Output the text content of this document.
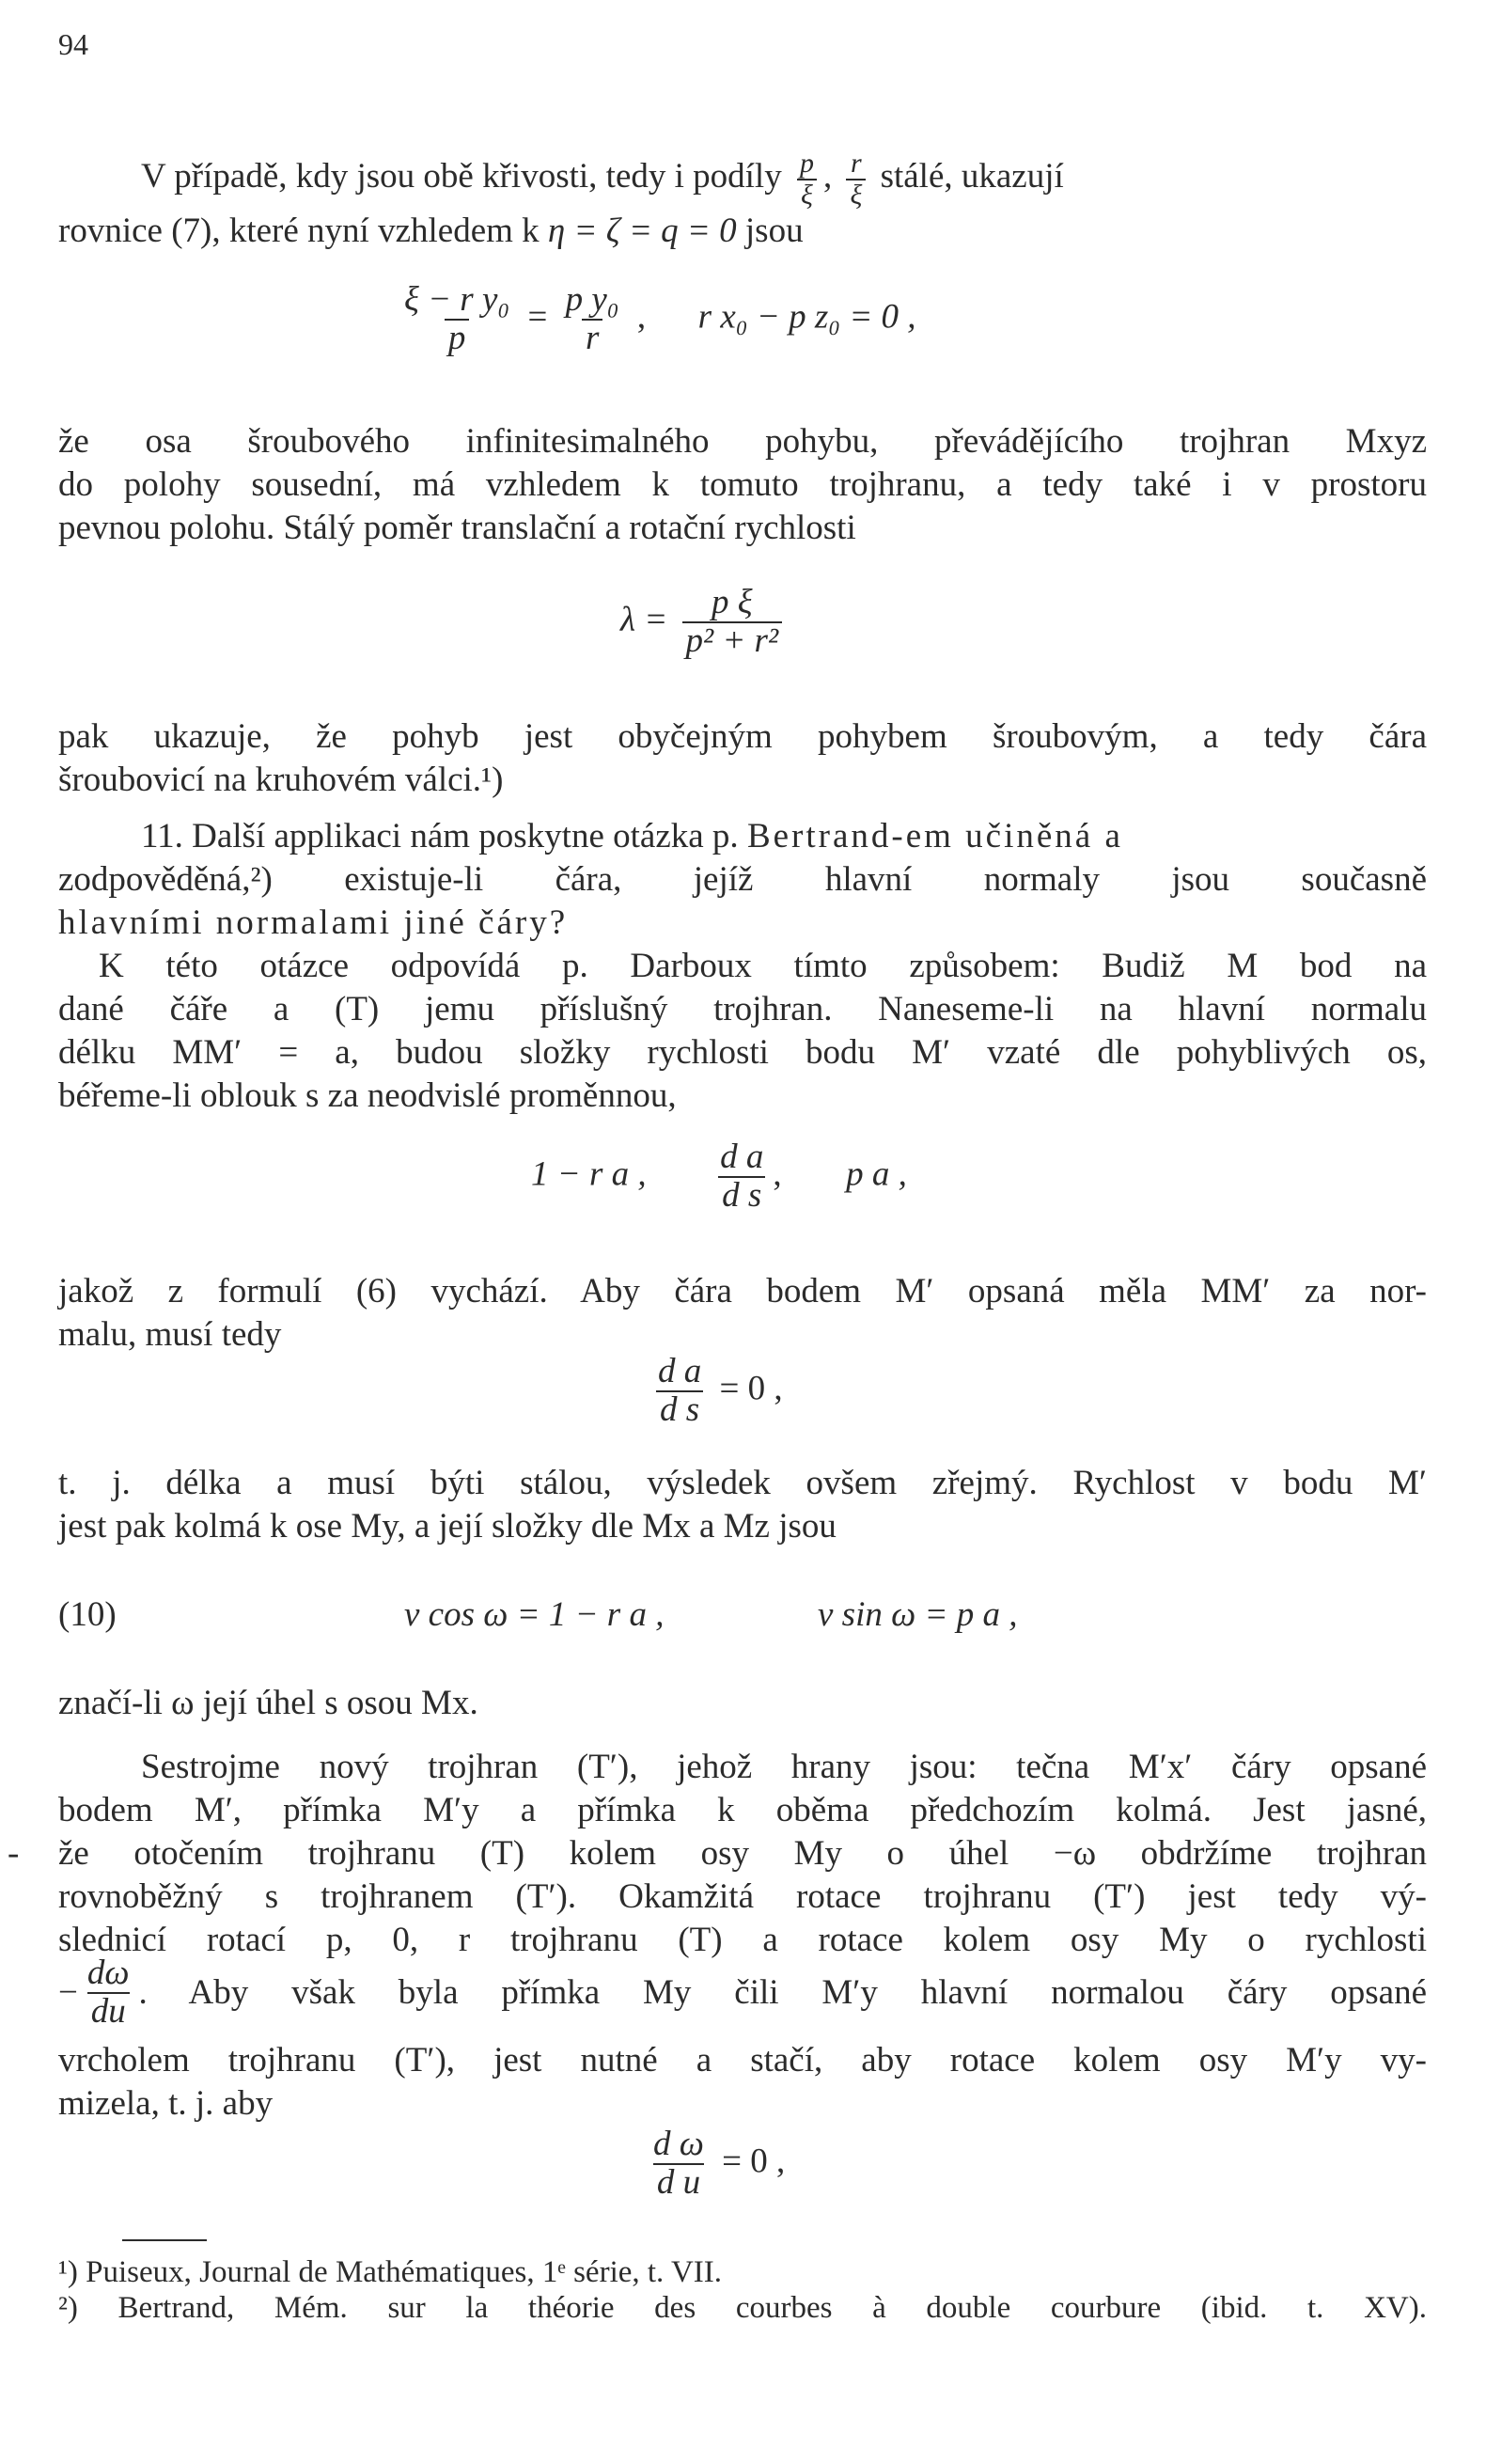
94
V případě, kdy jsou obě křivosti, tedy i podíly $\frac{p}{\xi}$ , $\frac{r}{\xi}$ stálé, ukazují
rovnice (7), které nyní vzhledem k η = ζ = q = 0 jsou
$\frac{\text{ξ − r y₀}}{p} = \frac{\text{p y₀}}{r}$ ,      r x₀ − p z₀ = 0 ,
že osa šroubového infinitesimalného pohybu, převádějícího trojhran Mxyz
do polohy sousední, má vzhledem k tomuto trojhranu, a tedy také i v prostoru
pevnou polohu. Stálý poměr translační a rotační rychlosti
$\lambda = \frac{\text{p ξ}}{\text{p² + r²}}$
pak ukazuje, že pohyb jest obyčejným pohybem šroubovým, a tedy čára
šroubovicí na kruhovém válci.¹)
11. Další applikaci nám poskytne otázka p. Bertrand-em učiněná a
zodpověděná,²) existuje-li čára, jejíž hlavní normaly jsou současně
hlavními normalami jiné čáry?
K této otázce odpovídá p. Darboux tímto způsobem: Budiž M bod na
dané čáře a (T) jemu příslušný trojhran. Naneseme-li na hlavní normalu
délku MM′ = a, budou složky rychlosti bodu M′ vzaté dle pohyblivých os,
béřeme-li oblouk s za neodvislé proměnnou,
1 − r a , $\frac{\text{d a}}{\text{d s}}$ , p a ,
jakož z formulí (6) vychází. Aby čára bodem M′ opsaná měla MM′ za nor-
malu, musí tedy
$\frac{\text{d a}}{\text{d s}} = 0$ ,
t. j. délka a musí býti stálou, výsledek ovšem zřejmý. Rychlost v bodu M′
jest pak kolmá k ose My, a její složky dle Mx a Mz jsou
(10)	v cos ω = 1 − r a ,	v sin ω = p a ,
značí-li ω její úhel s osou Mx.
Sestrojme nový trojhran (T′), jehož hrany jsou: tečna M′x′ čáry opsané
bodem M′, přímka M′y a přímka k oběma předchozím kolmá. Jest jasné,
- že otočením trojhranu (T) kolem osy My o úhel −ω obdržíme trojhran
rovnoběžný s trojhranem (T′). Okamžitá rotace trojhranu (T′) jest tedy vý-
slednicí rotací p, 0, r trojhranu (T) a rotace kolem osy My o rychlosti
− $\frac{d\omega}{du}$ . Aby však byla přímka My čili M′y hlavní normalou čáry opsané
vrcholem trojhranu (T′), jest nutné a stačí, aby rotace kolem osy M′y vy-
mizela, t. j. aby
$\frac{\text{d ω}}{\text{d u}} = 0$ ,
¹) Puiseux, Journal de Mathématiques, 1ᵉ série, t. VII.
²) Bertrand, Mém. sur la théorie des courbes à double courbure (ibid. t. XV).
